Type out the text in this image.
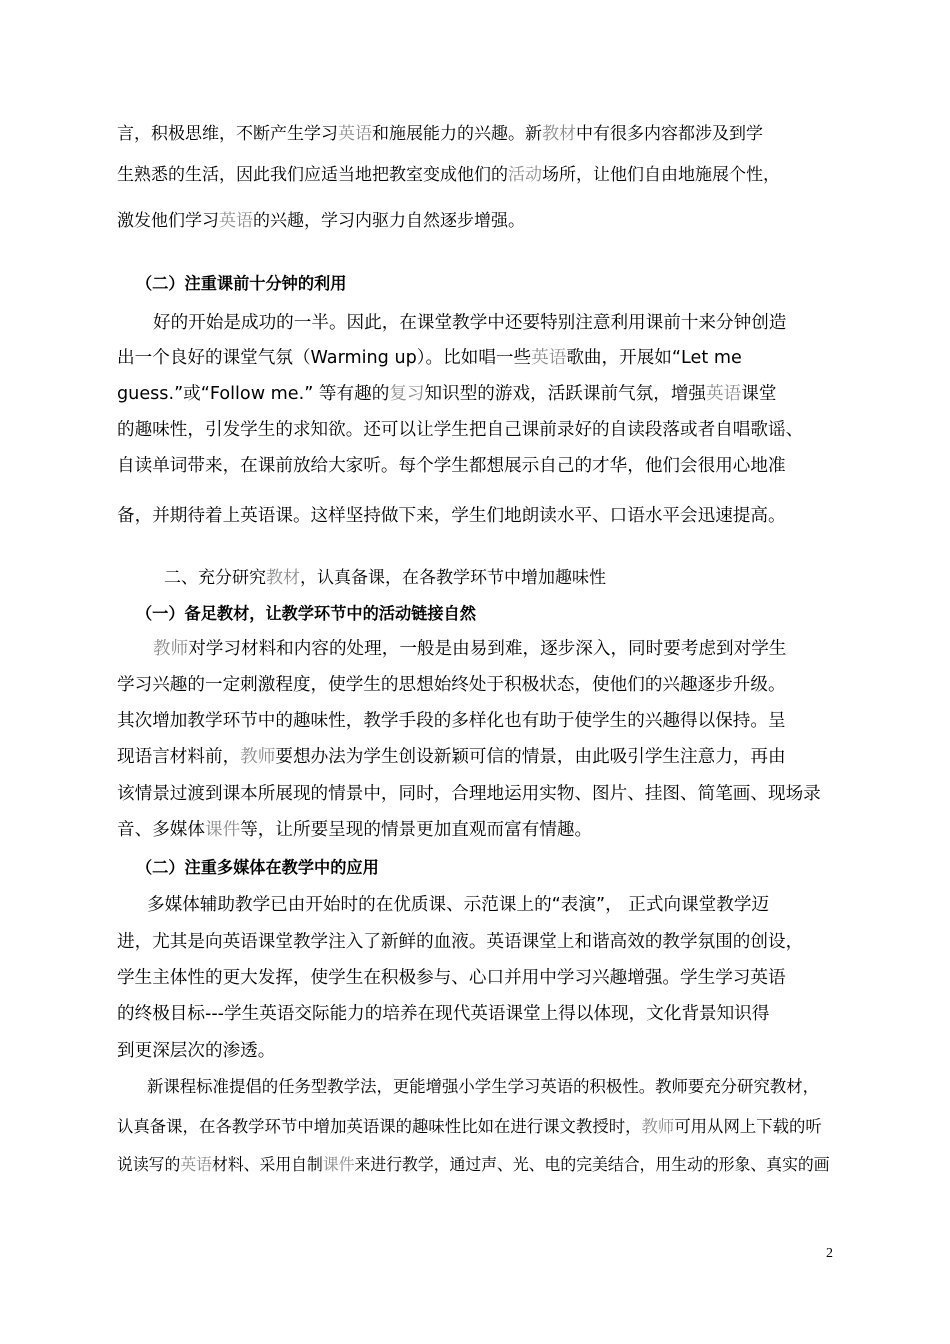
言，积极思维，不断产生学习英语和施展能力的兴趣。新教材中有很多内容都涉及到学

生熟悉的生活，因此我们应适当地把教室变成他们的活动场所，让他们自由地施展个性，

激发他们学习英语的兴趣，学习内驱力自然逐步增强。

（二）注重课前十分钟的利用

好的开始是成功的一半。因此，在课堂教学中还要特别注意利用课前十来分钟创造

出一个良好的课堂气氛（Warming up）。比如唱一些英语歌曲，开展如“Let me

guess.”或“Follow me.” 等有趣的复习知识型的游戏，活跃课前气氛，增强英语课堂

的趣味性，引发学生的求知欲。还可以让学生把自己课前录好的自读段落或者自唱歌谣、

自读单词带来，在课前放给大家听。每个学生都想展示自己的才华，他们会很用心地准

备，并期待着上英语课。这样坚持做下来，学生们地朗读水平、口语水平会迅速提高。

二、充分研究教材，认真备课，在各教学环节中增加趣味性

（一）备足教材，让教学环节中的活动链接自然

教师对学习材料和内容的处理，一般是由易到难，逐步深入，同时要考虑到对学生

学习兴趣的一定刺激程度，使学生的思想始终处于积极状态，使他们的兴趣逐步升级。

其次增加教学环节中的趣味性，教学手段的多样化也有助于使学生的兴趣得以保持。呈

现语言材料前，教师要想办法为学生创设新颖可信的情景，由此吸引学生注意力，再由

该情景过渡到课本所展现的情景中，同时，合理地运用实物、图片、挂图、简笔画、现场录

音、多媒体课件等，让所要呈现的情景更加直观而富有情趣。

（二）注重多媒体在教学中的应用

多媒体辅助教学已由开始时的在优质课、示范课上的“表演”， 正式向课堂教学迈

进，尤其是向英语课堂教学注入了新鲜的血液。英语课堂上和谐高效的教学氛围的创设，

学生主体性的更大发挥，使学生在积极参与、心口并用中学习兴趣增强。学生学习英语

的终极目标---学生英语交际能力的培养在现代英语课堂上得以体现，文化背景知识得

到更深层次的渗透。

新课程标准提倡的任务型教学法，更能增强小学生学习英语的积极性。教师要充分研究教材，

认真备课，在各教学环节中增加英语课的趣味性比如在进行课文教授时，教师可用从网上下载的听

说读写的英语材料、采用自制课件来进行教学，通过声、光、电的完美结合，用生动的形象、真实的画

2
